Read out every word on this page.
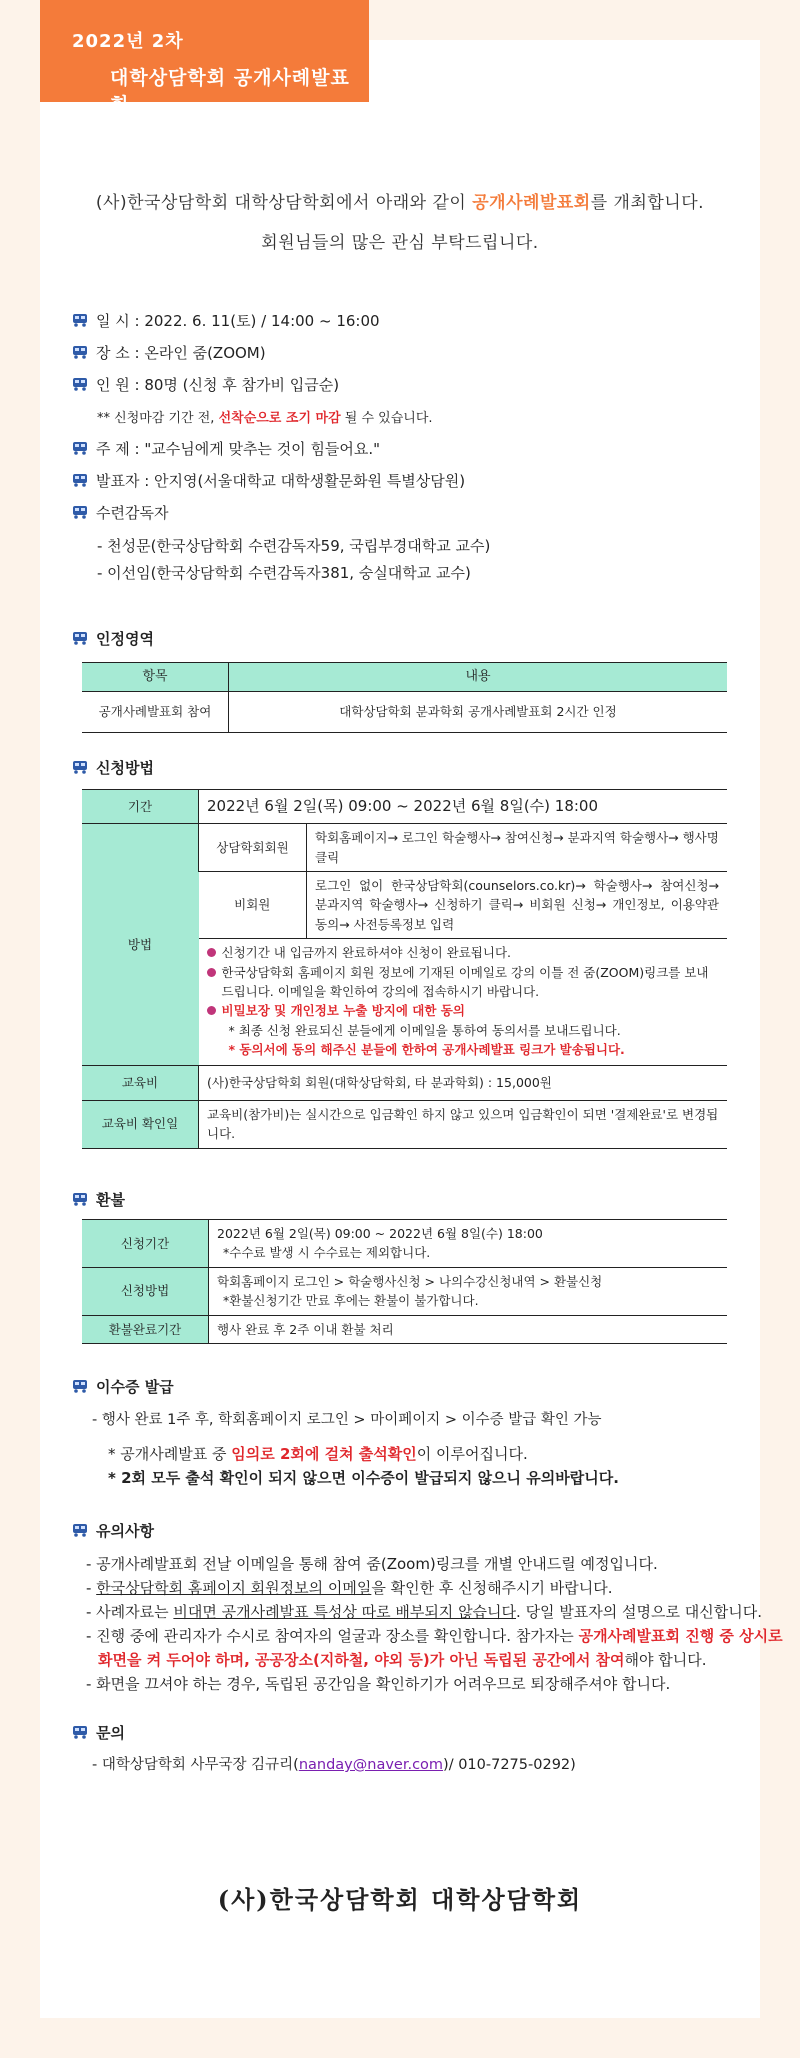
2022년 2차
대학상담학회 공개사례발표회
(사)한국상담학회 대학상담학회에서 아래와 같이 공개사례발표회를 개최합니다.
회원님들의 많은 관심 부탁드립니다.
일 시 : 2022. 6. 11(토) / 14:00 ~ 16:00
장 소 : 온라인 줌(ZOOM)
인 원 : 80명 (신청 후 참가비 입금순)
** 신청마감 기간 전, 선착순으로 조기 마감 될 수 있습니다.
주 제 : "교수님에게 맞추는 것이 힘들어요."
발표자 : 안지영(서울대학교 대학생활문화원 특별상담원)
수련감독자
- 천성문(한국상담학회 수련감독자59, 국립부경대학교 교수)
- 이선임(한국상담학회 수련감독자381, 숭실대학교 교수)
인정영역
항목	내용
공개사례발표회 참여	대학상담학회 분과학회 공개사례발표회 2시간 인정
신청방법
기간	2022년 6월 2일(목) 09:00 ~ 2022년 6월 8일(수) 18:00	
방법	상담학회회원	학회홈페이지→ 로그인 학술행사→ 참여신청→ 분과지역 학술행사→ 행사명 클릭
	비회원	로그인 없이 한국상담학회(counselors.co.kr)→ 학술행사→ 참여신청→ 분과지역 학술행사→ 신청하기 클릭→ 비회원 신청→ 개인정보, 이용약관 동의→ 사전등록정보 입력

	신청기간 내 입금까지 완료하셔야 신청이 완료됩니다.
한국상담학회 홈페이지 회원 정보에 기재된 이메일로 강의 이틀 전 줌(ZOOM)링크를 보내드립니다. 이메일을 확인하여 강의에 접속하시기 바랍니다.
비밀보장 및 개인정보 누출 방지에 대한 동의
* 최종 신청 완료되신 분들에게 이메일을 통하여 동의서를 보내드립니다.
* 동의서에 동의 해주신 분들에 한하여 공개사례발표 링크가 발송됩니다.	

교육비	(사)한국상담학회 회원(대학상담학회, 타 분과학회) : 15,000원	
교육비 확인일	교육비(참가비)는 실시간으로 입금확인 하지 않고 있으며 입금확인이 되면 '결제완료'로 변경됩니다.	
환불
신청기간	2022년 6월 2일(목) 09:00 ~ 2022년 6월 8일(수) 18:00
*수수료 발생 시 수수료는 제외합니다.

신청방법	학회홈페이지 로그인 > 학술행사신청 > 나의수강신청내역 > 환불신청
*환불신청기간 만료 후에는 환불이 불가합니다.

환불완료기간	행사 완료 후 2주 이내 환불 처리
이수증 발급
- 행사 완료 1주 후, 학회홈페이지 로그인 > 마이페이지 > 이수증 발급 확인 가능
* 공개사례발표 중 임의로 2회에 걸쳐 출석확인이 이루어집니다.
* 2회 모두 출석 확인이 되지 않으면 이수증이 발급되지 않으니 유의바랍니다.
유의사항
- 공개사례발표회 전날 이메일을 통해 참여 줌(Zoom)링크를 개별 안내드릴 예정입니다.
- 한국상담학회 홈페이지 회원정보의 이메일을 확인한 후 신청해주시기 바랍니다.
- 사례자료는 비대면 공개사례발표 특성상 따로 배부되지 않습니다. 당일 발표자의 설명으로 대신합니다.
- 진행 중에 관리자가 수시로 참여자의 얼굴과 장소를 확인합니다. 참가자는 공개사례발표회 진행 중 상시로
화면을 켜 두어야 하며, 공공장소(지하철, 야외 등)가 아닌 독립된 공간에서 참여해야 합니다.
- 화면을 끄셔야 하는 경우, 독립된 공간임을 확인하기가 어려우므로 퇴장해주셔야 합니다.
문의
- 대학상담학회 사무국장 김규리(nanday@naver.com)/ 010-7275-0292)
(사)한국상담학회 대학상담학회
